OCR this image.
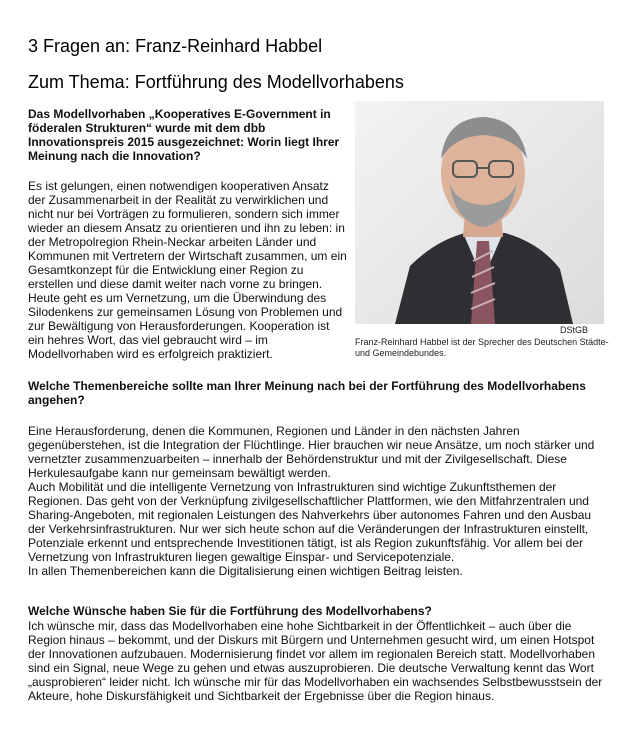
3 Fragen an: Franz-Reinhard Habbel
Zum Thema: Fortführung des Modellvorhabens

Das Modellvorhaben „Kooperatives E-Government in föderalen Strukturen“ wurde mit dem dbb Innovationspreis 2015 ausgezeichnet: Worin liegt Ihrer Meinung nach die Innovation?

Es ist gelungen, einen notwendigen kooperativen Ansatz der Zusammenarbeit in der Realität zu verwirklichen und nicht nur bei Vorträgen zu formulieren, sondern sich immer wieder an diesem Ansatz zu orientieren und ihn zu leben: in der Metropolregion Rhein-Neckar arbeiten Länder und Kommunen mit Vertretern der Wirtschaft zusammen, um ein Gesamtkonzept für die Entwicklung einer Region zu erstellen und diese damit weiter nach vorne zu bringen. Heute geht es um Vernetzung, um die Überwindung des Silodenkens zur gemeinsamen Lösung von Problemen und zur Bewältigung von Herausforderungen. Kooperation ist ein hehres Wort, das viel gebraucht wird – im Modellvorhaben wird es erfolgreich praktiziert.

DStGB
Franz-Reinhard Habbel ist der Sprecher des Deutschen Städte- und Gemeindebundes.

Welche Themenbereiche sollte man Ihrer Meinung nach bei der Fortführung des Modellvorhabens angehen?

Eine Herausforderung, denen die Kommunen, Regionen und Länder in den nächsten Jahren gegenüberstehen, ist die Integration der Flüchtlinge. Hier brauchen wir neue Ansätze, um noch stärker und vernetzter zusammenzuarbeiten – innerhalb der Behördenstruktur und mit der Zivilgesellschaft. Diese Herkulesaufgabe kann nur gemeinsam bewältigt werden.

Auch Mobilität und die intelligente Vernetzung von Infrastrukturen sind wichtige Zukunftsthemen der Regionen. Das geht von der Verknüpfung zivilgesellschaftlicher Plattformen, wie den Mitfahrzentralen und Sharing-Angeboten, mit regionalen Leistungen des Nahverkehrs über autonomes Fahren und den Ausbau der Verkehrsinfrastrukturen. Nur wer sich heute schon auf die Veränderungen der Infrastrukturen einstellt, Potenziale erkennt und entsprechende Investitionen tätigt, ist als Region zukunftsfähig. Vor allem bei der Vernetzung von Infrastrukturen liegen gewaltige Einspar- und Servicepotenziale.

In allen Themenbereichen kann die Digitalisierung einen wichtigen Beitrag leisten.

Welche Wünsche haben Sie für die Fortführung des Modellvorhabens?

Ich wünsche mir, dass das Modellvorhaben eine hohe Sichtbarkeit in der Öffentlichkeit – auch über die Region hinaus – bekommt, und der Diskurs mit Bürgern und Unternehmen gesucht wird, um einen Hotspot der Innovationen aufzubauen. Modernisierung findet vor allem im regionalen Bereich statt. Modellvorhaben sind ein Signal, neue Wege zu gehen und etwas auszuprobieren. Die deutsche Verwaltung kennt das Wort „ausprobieren“ leider nicht. Ich wünsche mir für das Modellvorhaben ein wachsendes Selbstbewusstsein der Akteure, hohe Diskursfähigkeit und Sichtbarkeit der Ergebnisse über die Region hinaus.
